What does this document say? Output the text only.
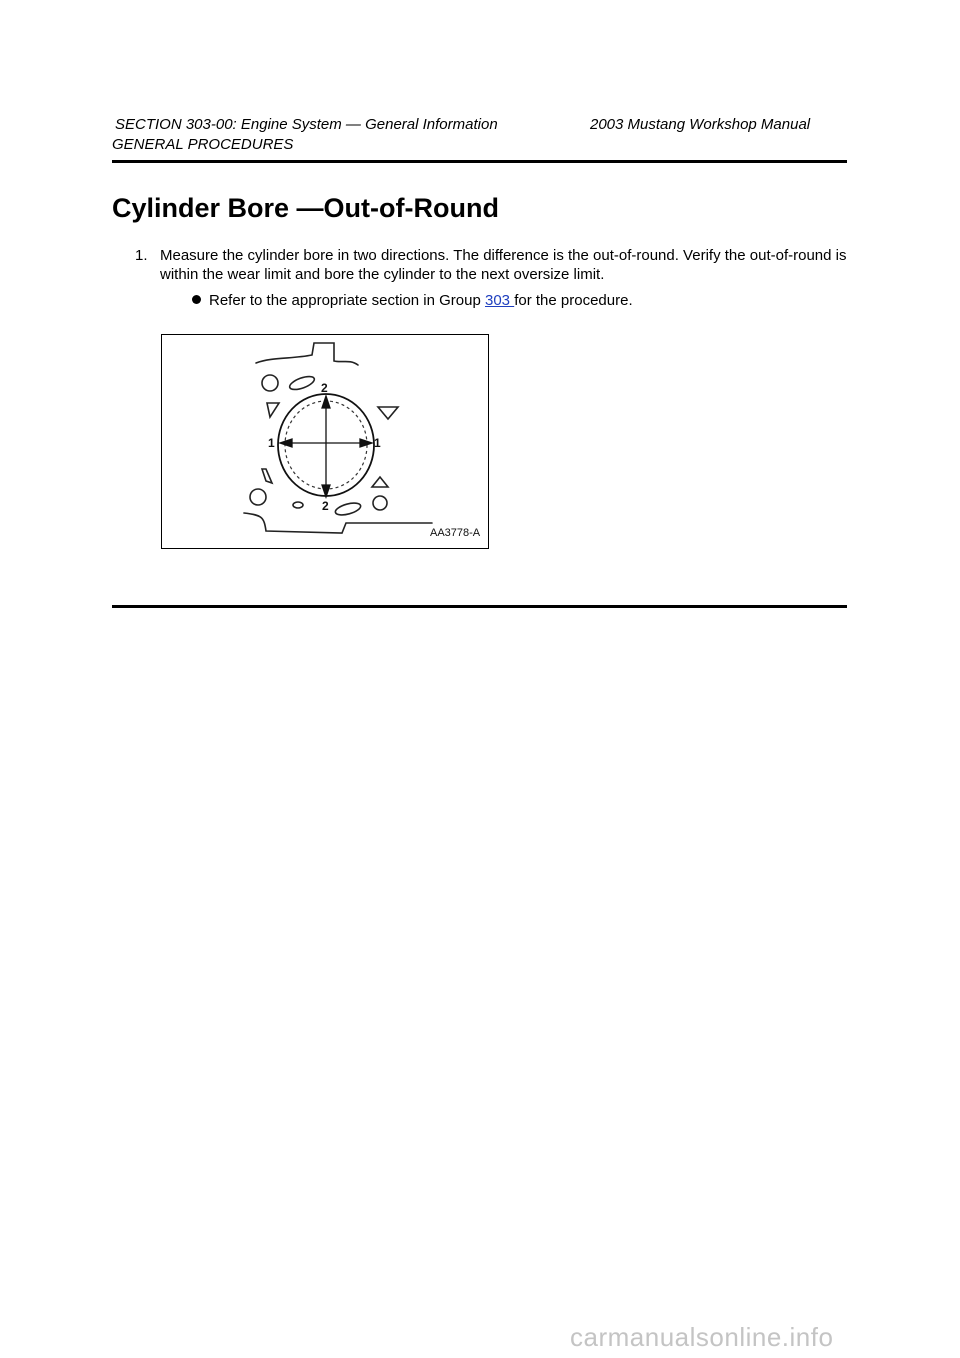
SECTION 303-00: Engine System — General Information	2003 Mustang Workshop Manual
GENERAL PROCEDURES
Cylinder Bore —Out-of-Round
1. Measure the cylinder bore in two directions. The difference is the out-of-round. Verify the out-of-round is within the wear limit and bore the cylinder to the next oversize limit.
Refer to the appropriate section in Group 303 for the procedure.
2
2
1	1
AA3778-A
carmanualsonline.info
